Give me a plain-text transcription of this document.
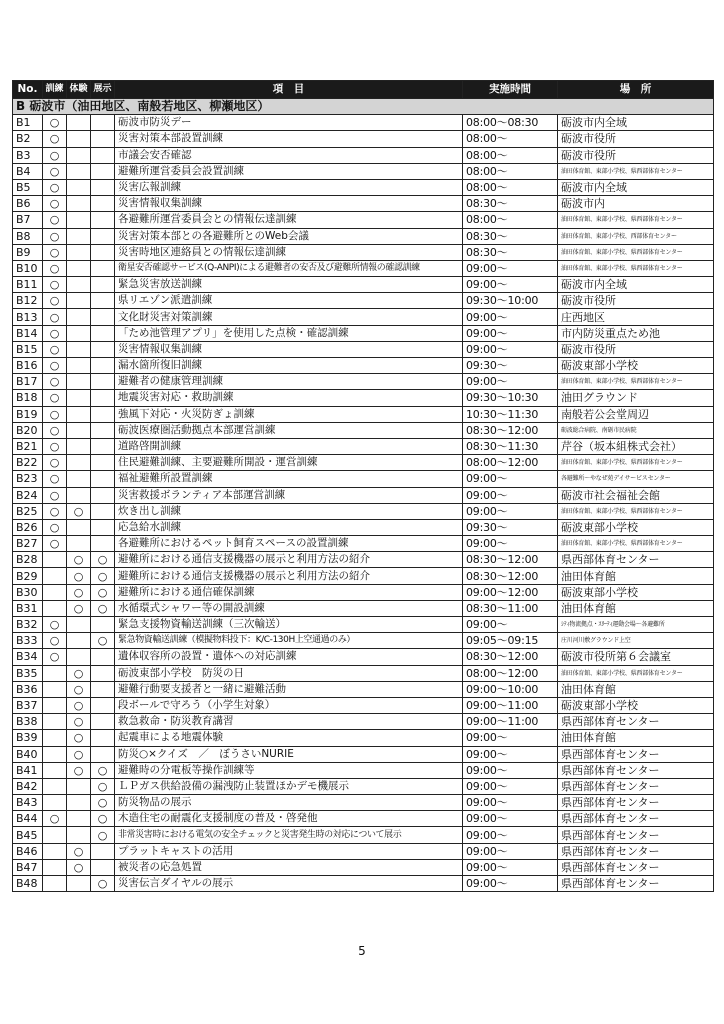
No.	訓練	体験	展示	項　目	実施時間	場　所
B 砺波市（油田地区、南般若地区、柳瀬地区）						
B1	○			砺波市防災デー	08:00～08:30	砺波市内全域
B2	○			災害対策本部設置訓練	08:00～	砺波市役所
B3	○			市議会安否確認	08:00～	砺波市役所
B4	○			避難所運営委員会設置訓練	08:00～	油田体育館、東部小学校、県西部体育センター
B5	○			災害広報訓練	08:00～	砺波市内全域
B6	○			災害情報収集訓練	08:30～	砺波市内
B7	○			各避難所運営委員会との情報伝達訓練	08:00～	油田体育館、東部小学校、県西部体育センター
B8	○			災害対策本部との各避難所とのWeb会議	08:30～	油田体育館、東部小学校、西部体育センター
B9	○			災害時地区連絡員との情報伝達訓練	08:30～	油田体育館、東部小学校、県西部体育センター
B10	○			衛星安否確認サービス(Q-ANPI)による避難者の安否及び避難所情報の確認訓練	09:00～	油田体育館、東部小学校、県西部体育センター
B11	○			緊急災害放送訓練	09:00～	砺波市内全域
B12	○			県リエゾン派遣訓練	09:30～10:00	砺波市役所
B13	○			文化財災害対策訓練	09:00～	庄西地区
B14	○			「ため池管理アプリ」を使用した点検・確認訓練	09:00～	市内防災重点ため池
B15	○			災害情報収集訓練	09:00～	砺波市役所
B16	○			漏水箇所復旧訓練	09:30～	砺波東部小学校
B17	○			避難者の健康管理訓練	09:00～	油田体育館、東部小学校、県西部体育センター
B18	○			地震災害対応・救助訓練	09:30～10:30	油田グラウンド
B19	○			強風下対応・火災防ぎょ訓練	10:30～11:30	南般若公会堂周辺
B20	○			砺波医療圏活動拠点本部運営訓練	08:30～12:00	砺波総合病院、南砺市民病院
B21	○			道路啓開訓練	08:30～11:30	芹谷（坂本組株式会社）
B22	○			住民避難訓練、主要避難所開設・運営訓練	08:00～12:00	油田体育館、東部小学校、県西部体育センター
B23	○			福祉避難所設置訓練	09:00～	各避難所～やなぜ苑デイサービスセンター
B24	○			災害救援ボランティア本部運営訓練	09:00～	砺波市社会福祉会館
B25	○	○		炊き出し訓練	09:00～	油田体育館、東部小学校、県西部体育センター
B26	○			応急給水訓練	09:30～	砺波東部小学校
B27	○			各避難所におけるペット飼育スペースの設置訓練	09:00～	油田体育館、東部小学校、県西部体育センター
B28		○	○	避難所における通信支援機器の展示と利用方法の紹介	08:30～12:00	県西部体育センター
B29		○	○	避難所における通信支援機器の展示と利用方法の紹介	08:30～12:00	油田体育館
B30		○	○	避難所における通信確保訓練	09:00～12:00	砺波東部小学校
B31		○	○	水循環式シャワー等の開設訓練	08:30～11:00	油田体育館
B32	○			緊急支援物資輸送訓練（三次輸送）	09:00～	ｼﾃｨ物流拠点・ｽﾘｰﾃｨ運動会場～各避難所
B33	○		○	緊急物資輸送訓練（模擬物料投下：K/C-130H上空通過のみ）	09:05～09:15	庄川河川敷グラウンド上空
B34	○			遺体収容所の設置・遺体への対応訓練	08:30～12:00	砺波市役所第６会議室
B35		○		砺波東部小学校　防災の日	08:00～12:00	油田体育館、東部小学校、県西部体育センター
B36		○		避難行動要支援者と一緒に避難活動	09:00～10:00	油田体育館
B37		○		段ボールで守ろう（小学生対象）	09:00～11:00	砺波東部小学校
B38		○		救急救命・防災教育講習	09:00～11:00	県西部体育センター
B39		○		起震車による地震体験	09:00～	油田体育館
B40		○		防災○×クイズ　／　ぼうさいNURIE	09:00～	県西部体育センター
B41		○	○	避難時の分電板等操作訓練等	09:00～	県西部体育センター
B42			○	ＬＰガス供給設備の漏洩防止装置ほかデモ機展示	09:00～	県西部体育センター
B43			○	防災物品の展示	09:00～	県西部体育センター
B44	○		○	木造住宅の耐震化支援制度の普及・啓発他	09:00～	県西部体育センター
B45			○	非常災害時における電気の安全チェックと災害発生時の対応について展示	09:00～	県西部体育センター
B46		○		プラットキャストの活用	09:00～	県西部体育センター
B47		○		被災者の応急処置	09:00～	県西部体育センター
B48			○	災害伝言ダイヤルの展示	09:00～	県西部体育センター
5
